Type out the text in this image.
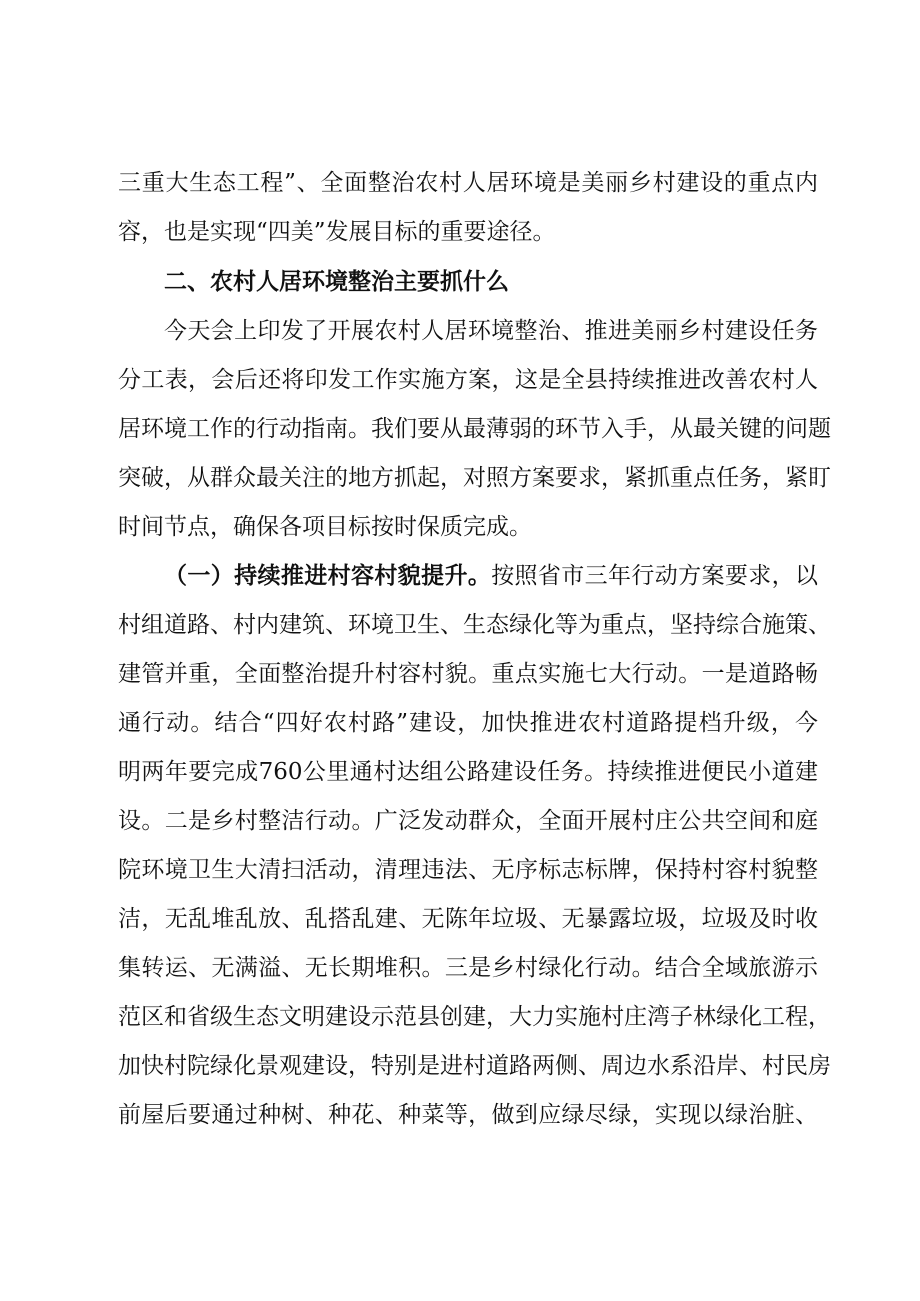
三重大生态工程”、全面整治农村人居环境是美丽乡村建设的重点内
容，也是实现“四美”发展目标的重要途径。
二、农村人居环境整治主要抓什么
今天会上印发了开展农村人居环境整治、推进美丽乡村建设任务
分工表，会后还将印发工作实施方案，这是全县持续推进改善农村人
居环境工作的行动指南。我们要从最薄弱的环节入手，从最关键的问题
突破，从群众最关注的地方抓起，对照方案要求，紧抓重点任务，紧盯
时间节点，确保各项目标按时保质完成。
（一）持续推进村容村貌提升。按照省市三年行动方案要求，以
村组道路、村内建筑、环境卫生、生态绿化等为重点，坚持综合施策、
建管并重，全面整治提升村容村貌。重点实施七大行动。一是道路畅
通行动。结合“四好农村路”建设，加快推进农村道路提档升级，今
明两年要完成760公里通村达组公路建设任务。持续推进便民小道建
设。二是乡村整洁行动。广泛发动群众，全面开展村庄公共空间和庭
院环境卫生大清扫活动，清理违法、无序标志标牌，保持村容村貌整
洁，无乱堆乱放、乱搭乱建、无陈年垃圾、无暴露垃圾，垃圾及时收
集转运、无满溢、无长期堆积。三是乡村绿化行动。结合全域旅游示
范区和省级生态文明建设示范县创建，大力实施村庄湾子林绿化工程，
加快村院绿化景观建设，特别是进村道路两侧、周边水系沿岸、村民房
前屋后要通过种树、种花、种菜等，做到应绿尽绿，实现以绿治脏、
